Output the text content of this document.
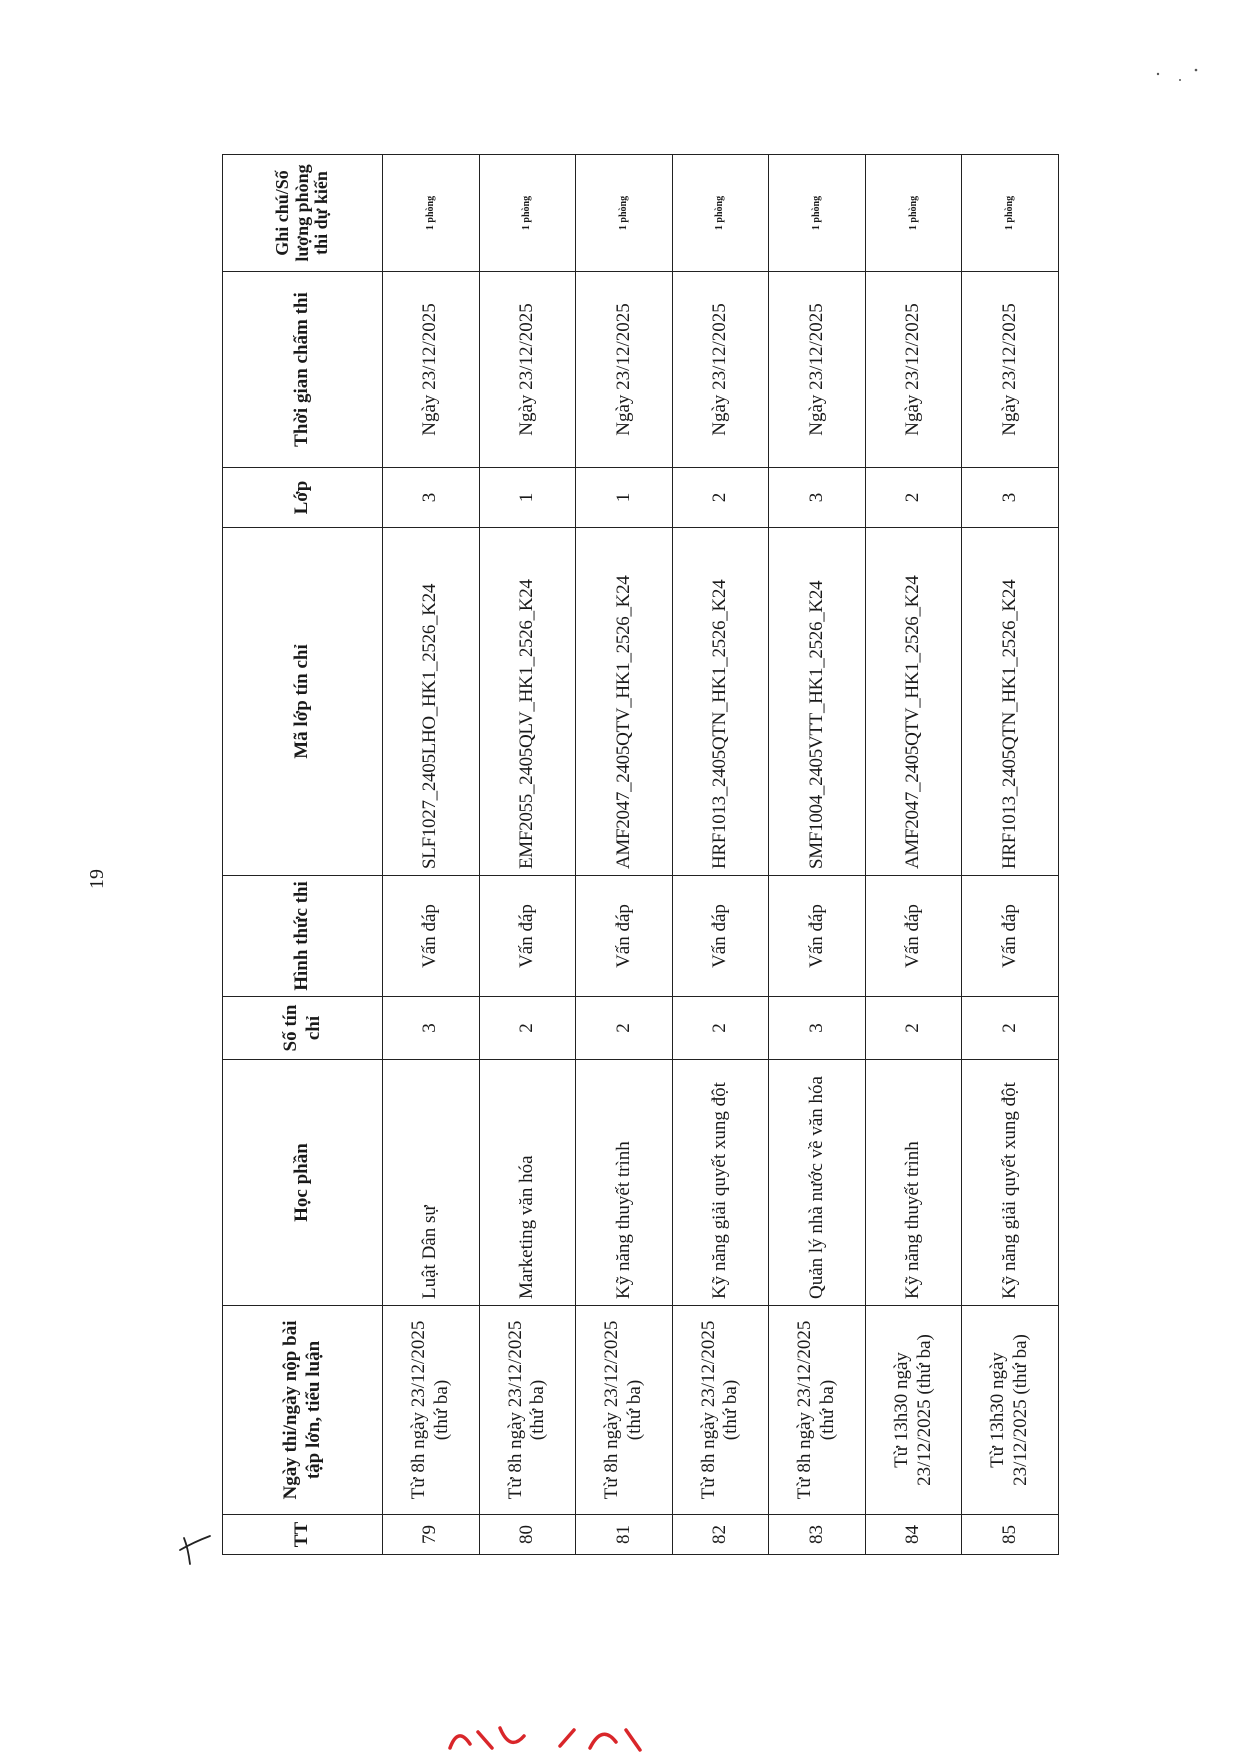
TT	Ngày thi/ngày nộp bài tập lớn, tiểu luận	Học phần	Số tín chỉ	Hình thức thi	Mã lớp tín chỉ	Lớp	Thời gian chấm thi	Ghi chú/Số lượng phòng thi dự kiến
79	Từ 8h ngày 23/12/2025 (thứ ba)	Luật Dân sự	3	Vấn đáp	SLF1027_2405LHO_HK1_2526_K24	3	Ngày 23/12/2025	1 phòng
80	Từ 8h ngày 23/12/2025 (thứ ba)	Marketing văn hóa	2	Vấn đáp	EMF2055_2405QLV_HK1_2526_K24	1	Ngày 23/12/2025	1 phòng
81	Từ 8h ngày 23/12/2025 (thứ ba)	Kỹ năng thuyết trình	2	Vấn đáp	AMF2047_2405QTV_HK1_2526_K24	1	Ngày 23/12/2025	1 phòng
82	Từ 8h ngày 23/12/2025 (thứ ba)	Kỹ năng giải quyết xung đột	2	Vấn đáp	HRF1013_2405QTN_HK1_2526_K24	2	Ngày 23/12/2025	1 phòng
83	Từ 8h ngày 23/12/2025 (thứ ba)	Quản lý nhà nước về văn hóa	3	Vấn đáp	SMF1004_2405VTT_HK1_2526_K24	3	Ngày 23/12/2025	1 phòng
84	Từ 13h30 ngày 23/12/2025 (thứ ba)	Kỹ năng thuyết trình	2	Vấn đáp	AMF2047_2405QTV_HK1_2526_K24	2	Ngày 23/12/2025	1 phòng
85	Từ 13h30 ngày 23/12/2025 (thứ ba)	Kỹ năng giải quyết xung đột	2	Vấn đáp	HRF1013_2405QTN_HK1_2526_K24	3	Ngày 23/12/2025	1 phòng
19
